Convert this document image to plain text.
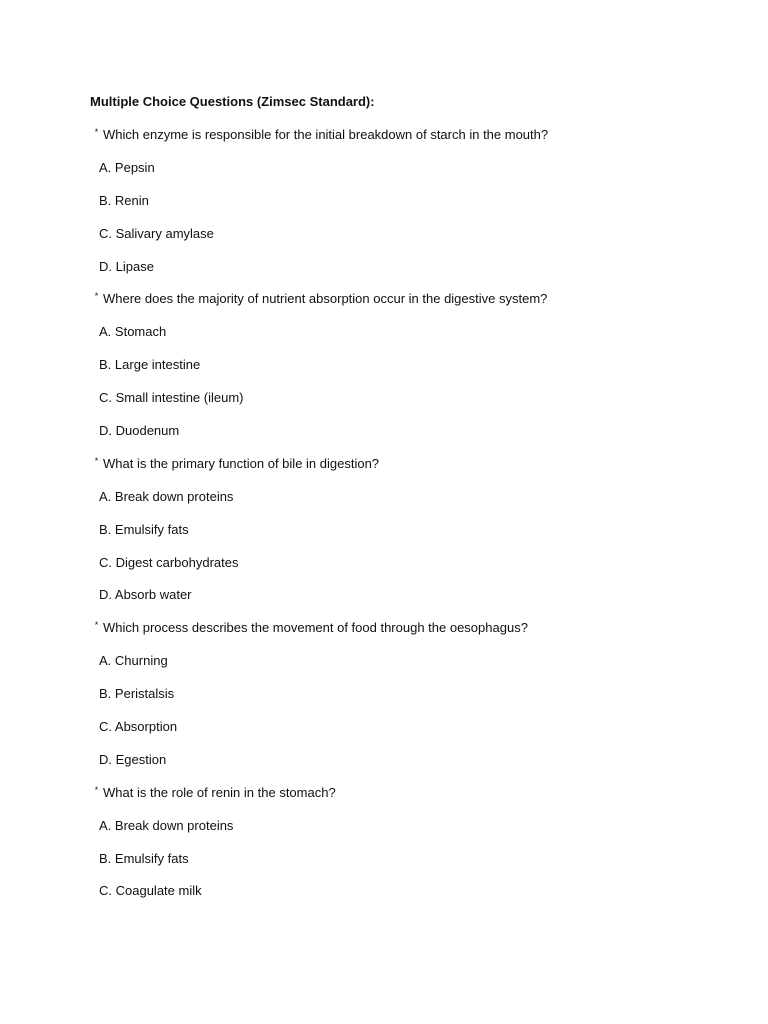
Multiple Choice Questions (Zimsec Standard):
* Which enzyme is responsible for the initial breakdown of starch in the mouth?
A. Pepsin
B. Renin
C. Salivary amylase
D. Lipase
* Where does the majority of nutrient absorption occur in the digestive system?
A. Stomach
B. Large intestine
C. Small intestine (ileum)
D. Duodenum
* What is the primary function of bile in digestion?
A. Break down proteins
B. Emulsify fats
C. Digest carbohydrates
D. Absorb water
* Which process describes the movement of food through the oesophagus?
A. Churning
B. Peristalsis
C. Absorption
D. Egestion
* What is the role of renin in the stomach?
A. Break down proteins
B. Emulsify fats
C. Coagulate milk
